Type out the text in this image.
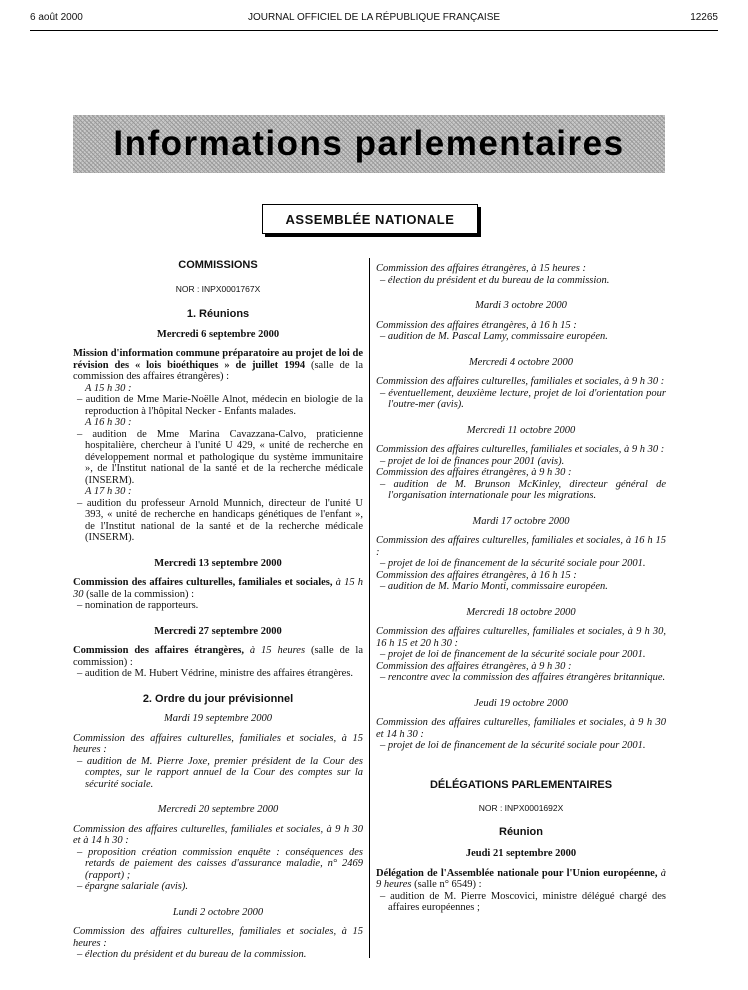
6 août 2000	JOURNAL OFFICIEL DE LA RÉPUBLIQUE FRANÇAISE	12265
Informations parlementaires
ASSEMBLÉE NATIONALE
COMMISSIONS
NOR : INPX0001767X
1. Réunions
Mercredi 6 septembre 2000
Mission d'information commune préparatoire au projet de loi de révision des « lois bioéthiques » de juillet 1994 (salle de la commission des affaires étrangères) :
A 15 h 30 :
– audition de Mme Marie-Noëlle Alnot, médecin en biologie de la reproduction à l'hôpital Necker - Enfants malades.
A 16 h 30 :
– audition de Mme Marina Cavazzana-Calvo, praticienne hospitalière, chercheur à l'unité U 429, « unité de recherche en développement normal et pathologique du système immunitaire », de l'Institut national de la santé et de la recherche médicale (INSERM).
A 17 h 30 :
– audition du professeur Arnold Munnich, directeur de l'unité U 393, « unité de recherche en handicaps génétiques de l'enfant », de l'Institut national de la santé et de la recherche médicale (INSERM).
Mercredi 13 septembre 2000
Commission des affaires culturelles, familiales et sociales, à 15 h 30 (salle de la commission) :
– nomination de rapporteurs.
Mercredi 27 septembre 2000
Commission des affaires étrangères, à 15 heures (salle de la commission) :
– audition de M. Hubert Védrine, ministre des affaires étrangères.
2. Ordre du jour prévisionnel
Mardi 19 septembre 2000
Commission des affaires culturelles, familiales et sociales, à 15 heures :
– audition de M. Pierre Joxe, premier président de la Cour des comptes, sur le rapport annuel de la Cour des comptes sur la sécurité sociale.
Mercredi 20 septembre 2000
Commission des affaires culturelles, familiales et sociales, à 9 h 30 et à 14 h 30 :
– proposition création commission enquête : conséquences des retards de paiement des caisses d'assurance maladie, n° 2469 (rapport) ;
– épargne salariale (avis).
Lundi 2 octobre 2000
Commission des affaires culturelles, familiales et sociales, à 15 heures :
– élection du président et du bureau de la commission.
Commission des affaires étrangères, à 15 heures :
– élection du président et du bureau de la commission.
Mardi 3 octobre 2000
Commission des affaires étrangères, à 16 h 15 :
– audition de M. Pascal Lamy, commissaire européen.
Mercredi 4 octobre 2000
Commission des affaires culturelles, familiales et sociales, à 9 h 30 :
– éventuellement, deuxième lecture, projet de loi d'orientation pour l'outre-mer (avis).
Mercredi 11 octobre 2000
Commission des affaires culturelles, familiales et sociales, à 9 h 30 :
– projet de loi de finances pour 2001 (avis).
Commission des affaires étrangères, à 9 h 30 :
– audition de M. Brunson McKinley, directeur général de l'organisation internationale pour les migrations.
Mardi 17 octobre 2000
Commission des affaires culturelles, familiales et sociales, à 16 h 15 :
– projet de loi de financement de la sécurité sociale pour 2001.
Commission des affaires étrangères, à 16 h 15 :
– audition de M. Mario Monti, commissaire européen.
Mercredi 18 octobre 2000
Commission des affaires culturelles, familiales et sociales, à 9 h 30, 16 h 15 et 20 h 30 :
– projet de loi de financement de la sécurité sociale pour 2001.
Commission des affaires étrangères, à 9 h 30 :
– rencontre avec la commission des affaires étrangères britannique.
Jeudi 19 octobre 2000
Commission des affaires culturelles, familiales et sociales, à 9 h 30 et 14 h 30 :
– projet de loi de financement de la sécurité sociale pour 2001.
DÉLÉGATIONS PARLEMENTAIRES
NOR : INPX0001692X
Réunion
Jeudi 21 septembre 2000
Délégation de l'Assemblée nationale pour l'Union européenne, à 9 heures (salle n° 6549) :
– audition de M. Pierre Moscovici, ministre délégué chargé des affaires européennes ;
